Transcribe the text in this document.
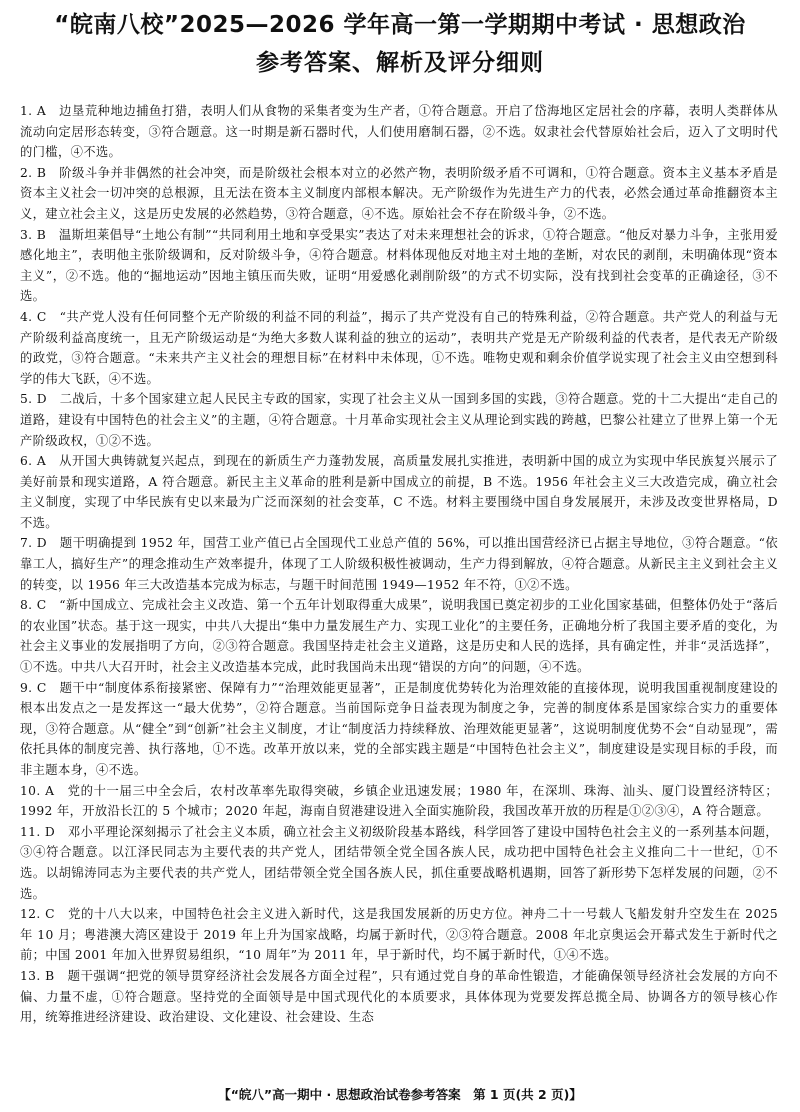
“皖南八校”2025—2026 学年高一第一学期期中考试 · 思想政治
参考答案、解析及评分细则

1. A　边垦荒种地边捕鱼打猎，表明人们从食物的采集者变为生产者，①符合题意。开启了岱海地区定居社会的序幕，表明人类群体从流动向定居形态转变，③符合题意。这一时期是新石器时代，人们使用磨制石器，②不选。奴隶社会代替原始社会后，迈入了文明时代的门槛，④不选。

2. B　阶级斗争并非偶然的社会冲突，而是阶级社会根本对立的必然产物，表明阶级矛盾不可调和，①符合题意。资本主义基本矛盾是资本主义社会一切冲突的总根源，且无法在资本主义制度内部根本解决。无产阶级作为先进生产力的代表，必然会通过革命推翻资本主义，建立社会主义，这是历史发展的必然趋势，③符合题意，④不选。原始社会不存在阶级斗争，②不选。

3. B　温斯坦莱倡导“土地公有制”“共同利用土地和享受果实”表达了对未来理想社会的诉求，①符合题意。“他反对暴力斗争，主张用爱感化地主”，表明他主张阶级调和，反对阶级斗争，④符合题意。材料体现他反对地主对土地的垄断，对农民的剥削，未明确体现“资本主义”，②不选。他的“掘地运动”因地主镇压而失败，证明“用爱感化剥削阶级”的方式不切实际，没有找到社会变革的正确途径，③不选。

4. C　“共产党人没有任何同整个无产阶级的利益不同的利益”，揭示了共产党没有自己的特殊利益，②符合题意。共产党人的利益与无产阶级利益高度统一，且无产阶级运动是“为绝大多数人谋利益的独立的运动”，表明共产党是无产阶级利益的代表者，是代表无产阶级的政党，③符合题意。“未来共产主义社会的理想目标”在材料中未体现，①不选。唯物史观和剩余价值学说实现了社会主义由空想到科学的伟大飞跃，④不选。

5. D　二战后，十多个国家建立起人民民主专政的国家，实现了社会主义从一国到多国的实践，③符合题意。党的十二大提出“走自己的道路，建设有中国特色的社会主义”的主题，④符合题意。十月革命实现社会主义从理论到实践的跨越，巴黎公社建立了世界上第一个无产阶级政权，①②不选。

6. A　从开国大典铸就复兴起点，到现在的新质生产力蓬勃发展，高质量发展扎实推进，表明新中国的成立为实现中华民族复兴展示了美好前景和现实道路，A 符合题意。新民主主义革命的胜利是新中国成立的前提，B 不选。1956 年社会主义三大改造完成，确立社会主义制度，实现了中华民族有史以来最为广泛而深刻的社会变革，C 不选。材料主要围绕中国自身发展展开，未涉及改变世界格局，D 不选。

7. D　题干明确提到 1952 年，国营工业产值已占全国现代工业总产值的 56%，可以推出国营经济已占据主导地位，③符合题意。“依靠工人，搞好生产”的理念推动生产效率提升，体现了工人阶级积极性被调动，生产力得到解放，④符合题意。从新民主主义到社会主义的转变，以 1956 年三大改造基本完成为标志，与题干时间范围 1949—1952 年不符，①②不选。

8. C　“新中国成立、完成社会主义改造、第一个五年计划取得重大成果”，说明我国已奠定初步的工业化国家基础，但整体仍处于“落后的农业国”状态。基于这一现实，中共八大提出“集中力量发展生产力、实现工业化”的主要任务，正确地分析了我国主要矛盾的变化，为社会主义事业的发展指明了方向，②③符合题意。我国坚持走社会主义道路，这是历史和人民的选择，具有确定性，并非“灵活选择”，①不选。中共八大召开时，社会主义改造基本完成，此时我国尚未出现“错误的方向”的问题，④不选。

9. C　题干中“制度体系衔接紧密、保障有力”“治理效能更显著”，正是制度优势转化为治理效能的直接体现，说明我国重视制度建设的根本出发点之一是发挥这一“最大优势”，②符合题意。当前国际竞争日益表现为制度之争，完善的制度体系是国家综合实力的重要体现，③符合题意。从“健全”到“创新”社会主义制度，才让“制度活力持续释放、治理效能更显著”，这说明制度优势不会“自动显现”，需依托具体的制度完善、执行落地，①不选。改革开放以来，党的全部实践主题是“中国特色社会主义”，制度建设是实现目标的手段，而非主题本身，④不选。

10. A　党的十一届三中全会后，农村改革率先取得突破，乡镇企业迅速发展；1980 年，在深圳、珠海、汕头、厦门设置经济特区；1992 年，开放沿长江的 5 个城市；2020 年起，海南自贸港建设进入全面实施阶段，我国改革开放的历程是①②③④，A 符合题意。

11. D　邓小平理论深刻揭示了社会主义本质，确立社会主义初级阶段基本路线，科学回答了建设中国特色社会主义的一系列基本问题，③④符合题意。以江泽民同志为主要代表的共产党人，团结带领全党全国各族人民，成功把中国特色社会主义推向二十一世纪，①不选。以胡锦涛同志为主要代表的共产党人，团结带领全党全国各族人民，抓住重要战略机遇期，回答了新形势下怎样发展的问题，②不选。

12. C　党的十八大以来，中国特色社会主义进入新时代，这是我国发展新的历史方位。神舟二十一号载人飞船发射升空发生在 2025 年 10 月；粤港澳大湾区建设于 2019 年上升为国家战略，均属于新时代，②③符合题意。2008 年北京奥运会开幕式发生于新时代之前；中国 2001 年加入世界贸易组织，“10 周年”为 2011 年，早于新时代，均不属于新时代，①④不选。

13. B　题干强调“把党的领导贯穿经济社会发展各方面全过程”，只有通过党自身的革命性锻造，才能确保领导经济社会发展的方向不偏、力量不虚，①符合题意。坚持党的全面领导是中国式现代化的本质要求，具体体现为党要发挥总揽全局、协调各方的领导核心作用，统筹推进经济建设、政治建设、文化建设、社会建设、生态

【“皖八”高一期中 · 思想政治试卷参考答案　第 1 页(共 2 页)】
